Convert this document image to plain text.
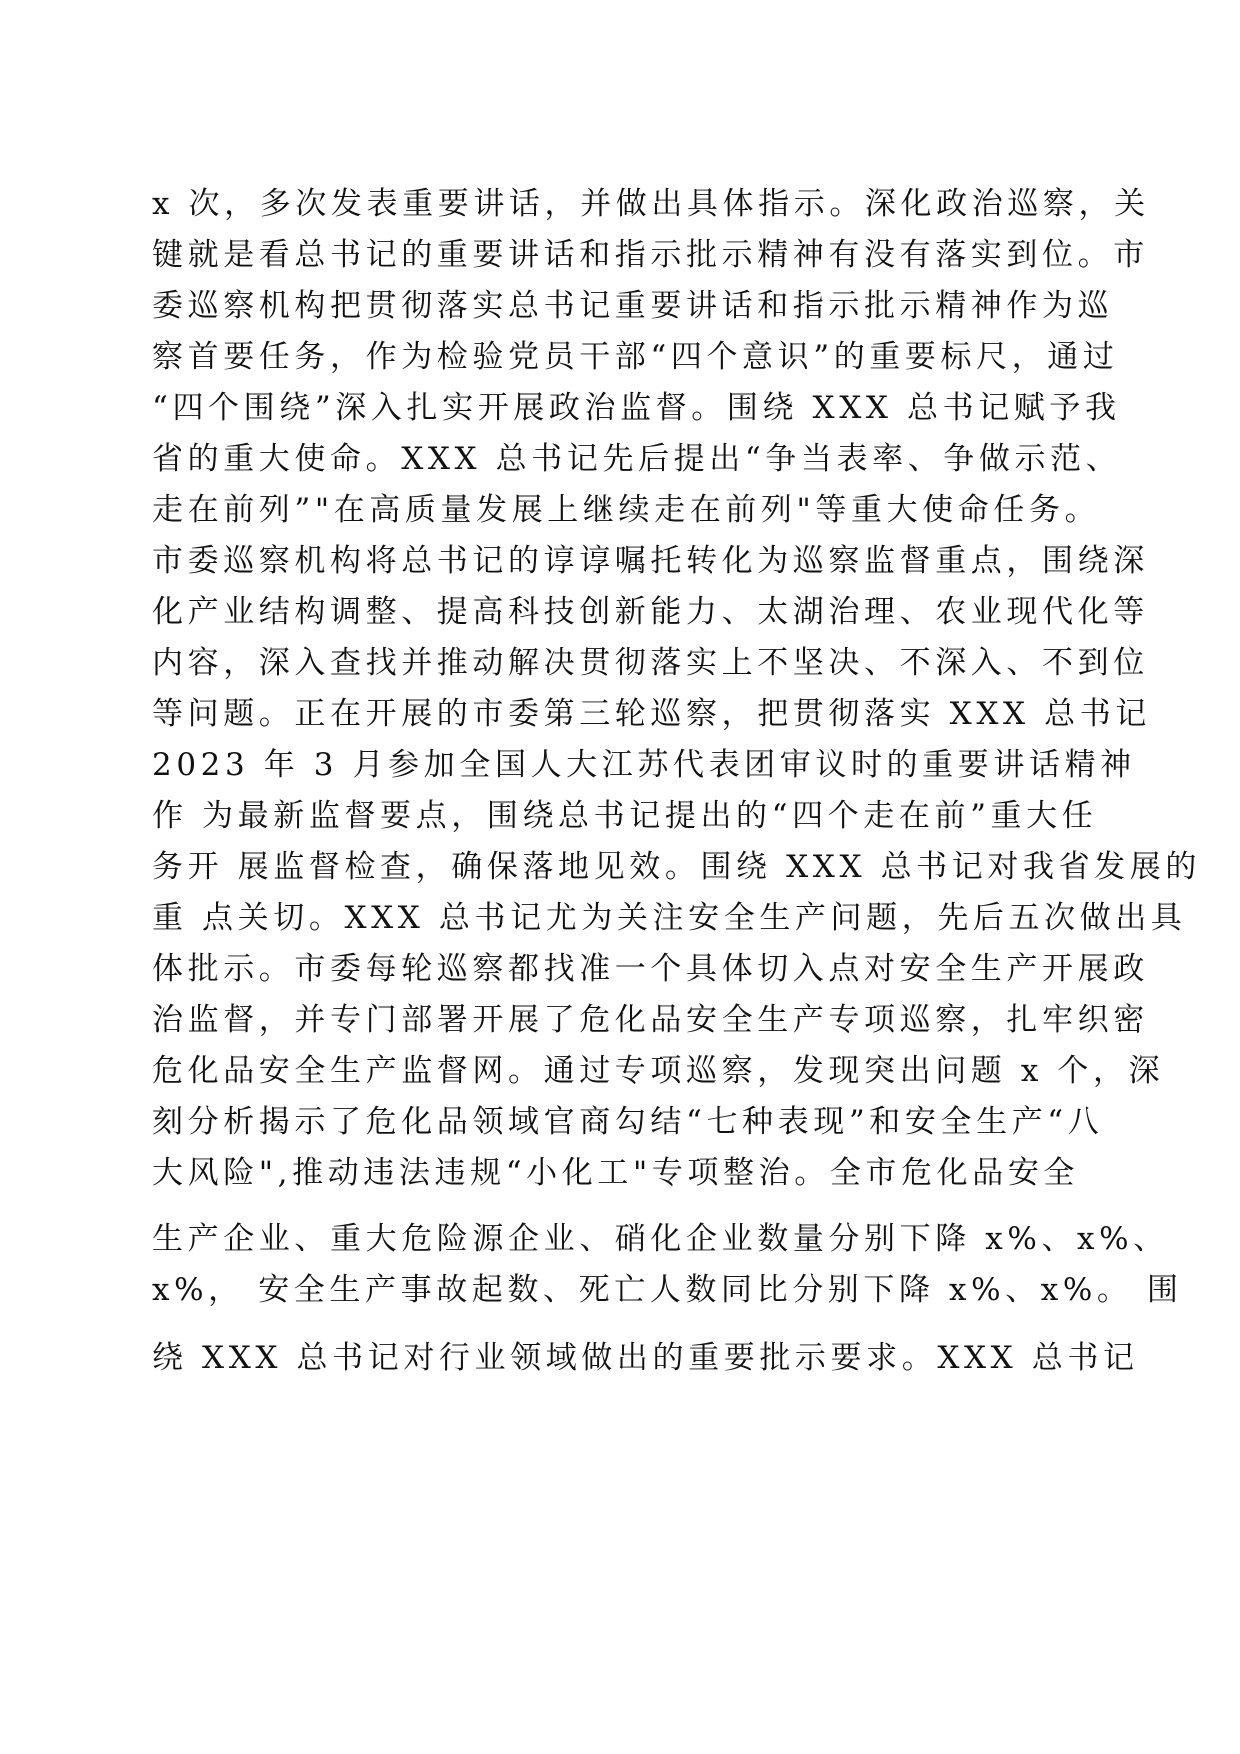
x 次，多次发表重要讲话，并做出具体指示。深化政治巡察，关
键就是看总书记的重要讲话和指示批示精神有没有落实到位。市
委巡察机构把贯彻落实总书记重要讲话和指示批示精神作为巡
察首要任务，作为检验党员干部“四个意识”的重要标尺，通过
“四个围绕”深入扎实开展政治监督。围绕 XXX 总书记赋予我
省的重大使命。XXX 总书记先后提出“争当表率、争做示范、
走在前列”"在高质量发展上继续走在前列"等重大使命任务。
市委巡察机构将总书记的谆谆嘱托转化为巡察监督重点，围绕深
化产业结构调整、提高科技创新能力、太湖治理、农业现代化等
内容，深入查找并推动解决贯彻落实上不坚决、不深入、不到位
等问题。正在开展的市委第三轮巡察，把贯彻落实 XXX 总书记
2023 年 3 月参加全国人大江苏代表团审议时的重要讲话精神
作 为最新监督要点，围绕总书记提出的“四个走在前”重大任
务开 展监督检查，确保落地见效。围绕 XXX 总书记对我省发展的
重 点关切。XXX 总书记尤为关注安全生产问题，先后五次做出具
体批示。市委每轮巡察都找准一个具体切入点对安全生产开展政
治监督，并专门部署开展了危化品安全生产专项巡察，扎牢织密
危化品安全生产监督网。通过专项巡察，发现突出问题 x 个，深
刻分析揭示了危化品领域官商勾结“七种表现”和安全生产“八
大风险",推动违法违规“小化工"专项整治。全市危化品安全
生产企业、重大危险源企业、硝化企业数量分别下降 x%、x%、
x%， 安全生产事故起数、死亡人数同比分别下降 x%、x%。 围
绕 XXX 总书记对行业领域做出的重要批示要求。XXX 总书记
